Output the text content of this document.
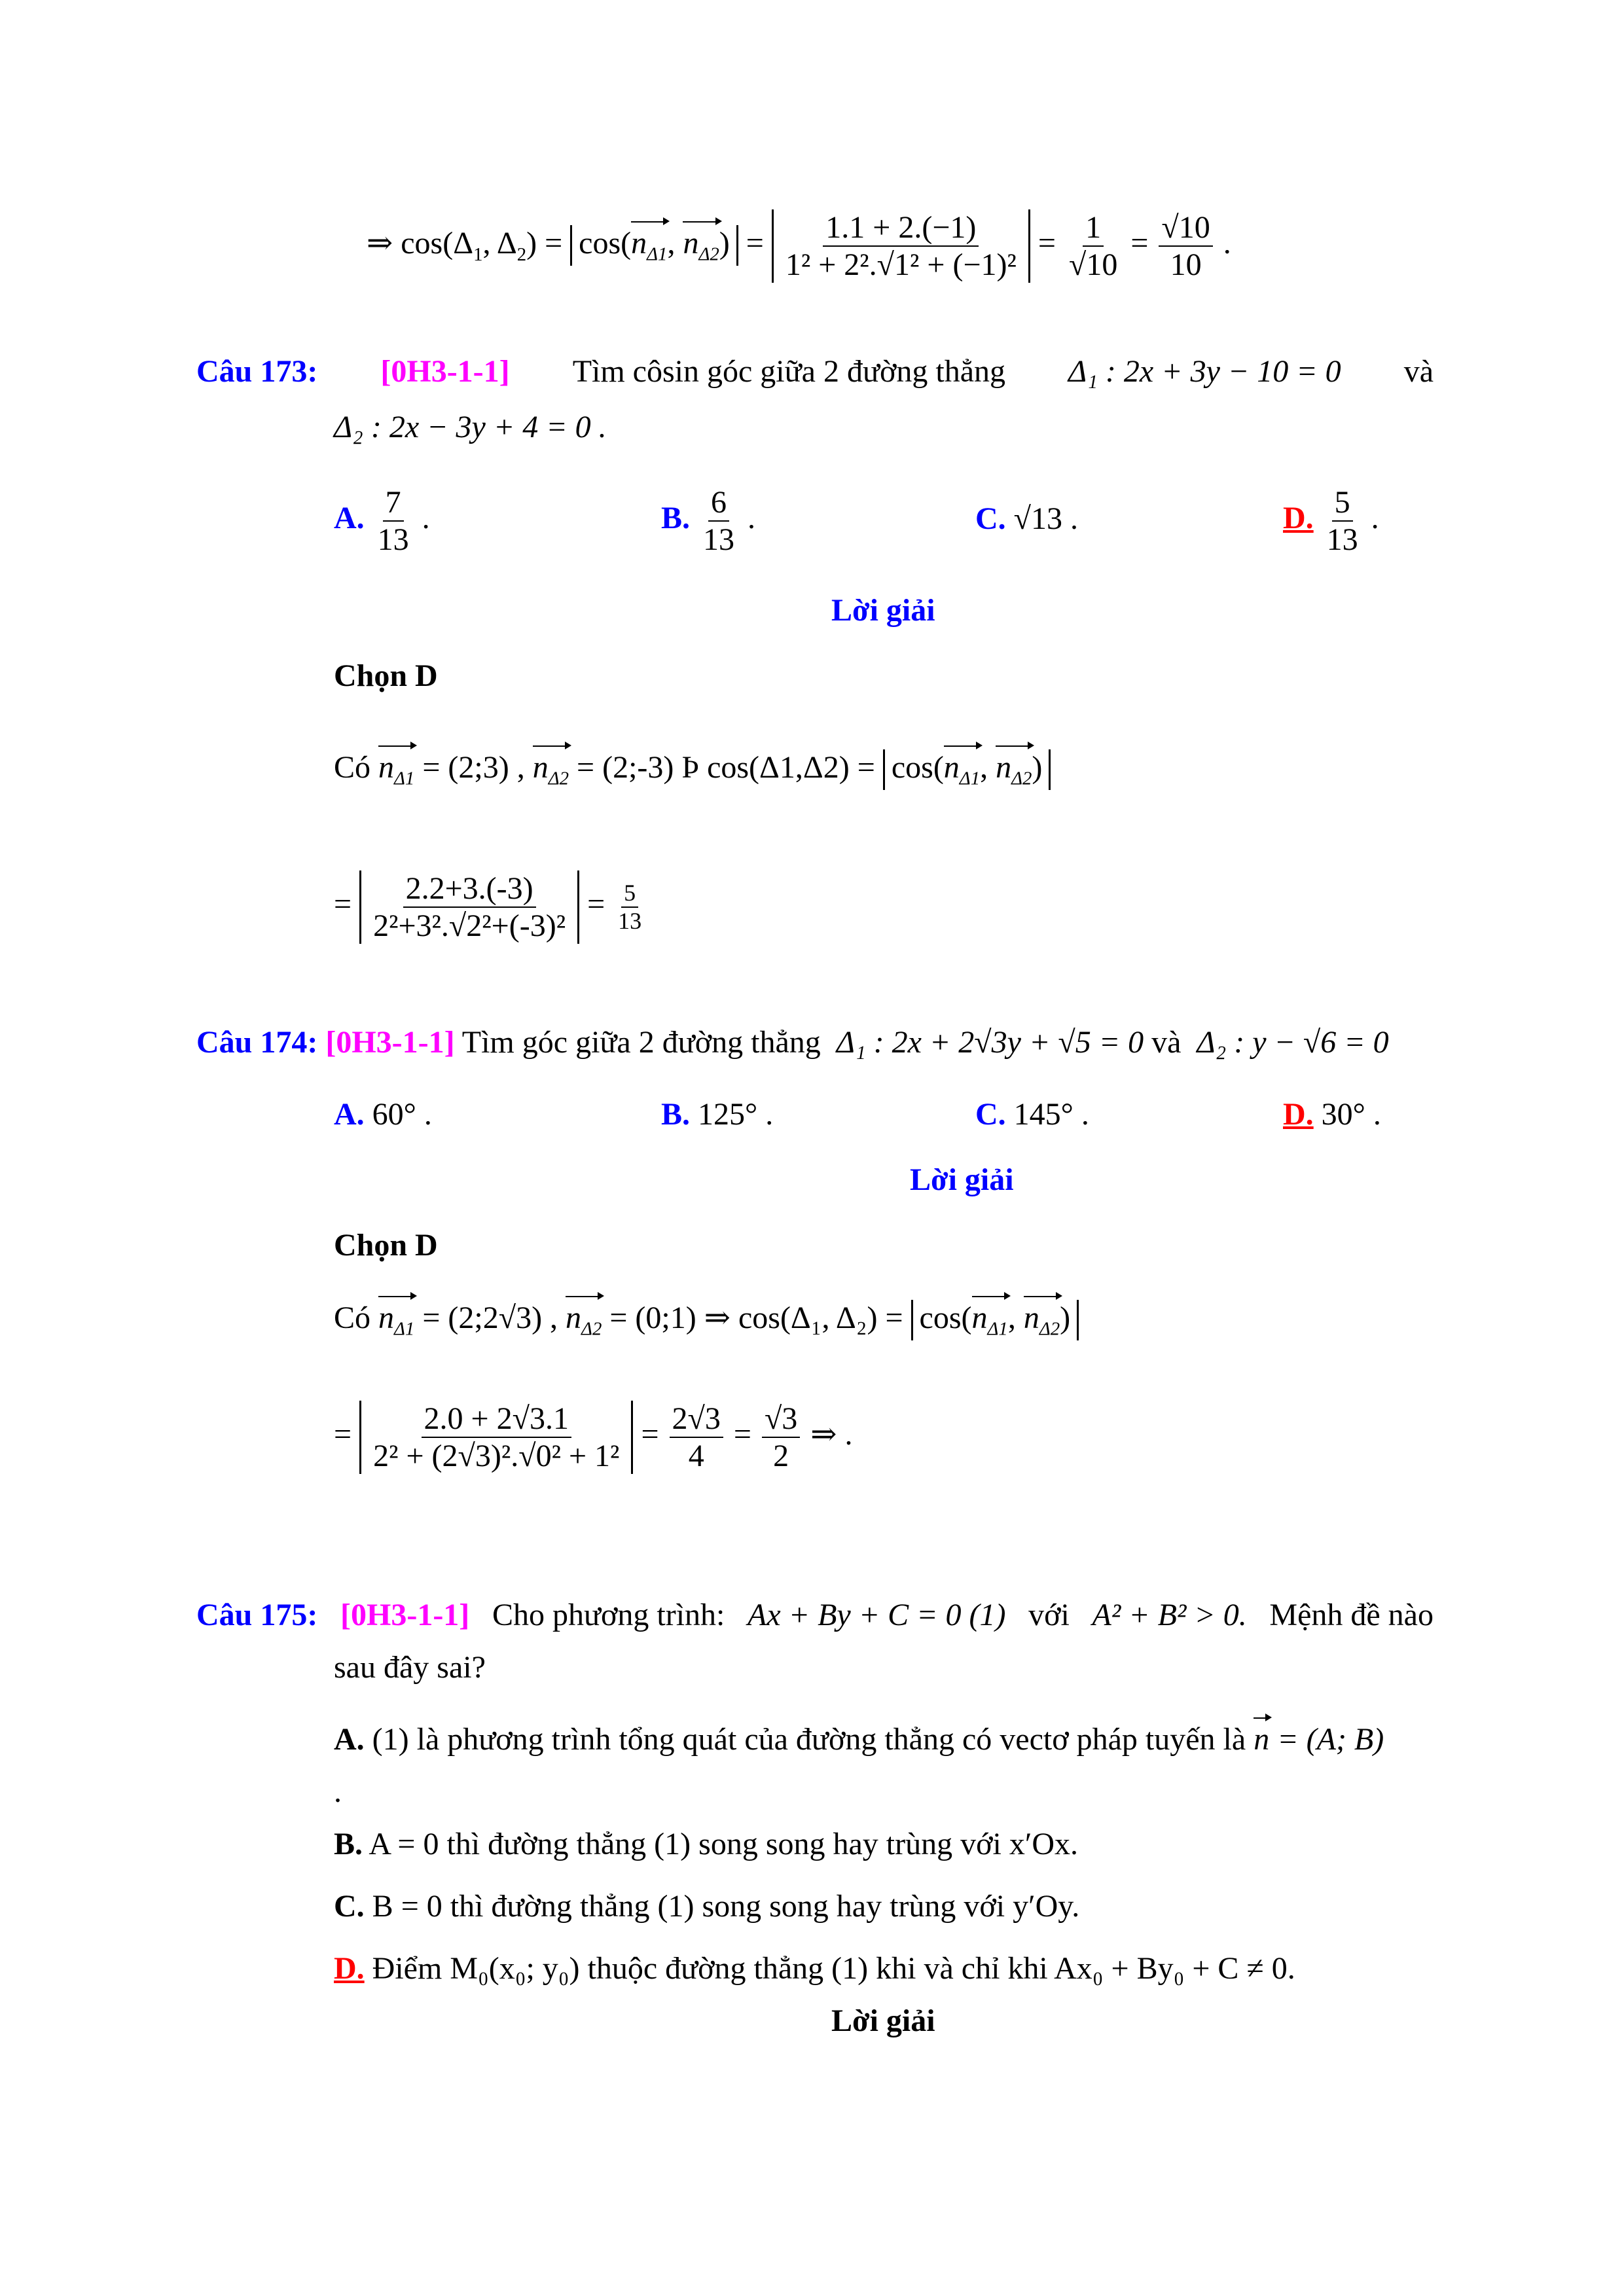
⇒ $\cos(\Delta_1$, $\Delta_2) = \cos(n_{\Delta 1}$, $n_{\Delta 2}) = \frac{1.1 + 2.(-1)}{\text{1² + 2².√1² + (−1)²}} = \frac{1}{√10} = \frac{√10}{10}$ .
Câu 173: [0H3-1-1] Tìm côsin góc giữa 2 đường thẳng Δ₁ : 2x + 3y − 10 = 0 và
Δ₂ : 2x − 3y + 4 = 0 .
A. $\frac{7}{13}$ .	B. $\frac{6}{13}$ .	C. √13 .	D. $\frac{5}{13}$ .
Lời giải
Chọn D
Có $n_{\Delta 1}$ = (2;3) , $n_{\Delta 2}$ = (2;-3) Þ $\cos(\Delta 1,\Delta 2) = \cos(n_{\Delta 1}$, $n_{\Delta 2}$)
= $\frac{2.2+3.(-3)}{\text{2²+3².√2²+(-3)²}} = \frac{5}{13}$
Câu 174: [0H3-1-1] Tìm góc giữa 2 đường thẳng Δ₁ : 2x + 2√3y + √5 = 0 và Δ₂ : y − √6 = 0
A. 60° .	B. 125° .	C. 145° .	D. 30° .
Lời giải
Chọn D
Có $n_{\Delta 1}$ = (2;2√3) , $n_{\Delta 2}$ = (0;1) ⇒ cos(Δ₁, $\Delta_2) = \cos(n_{\Delta 1}$, $n_{\Delta 2}$)
= $\frac{2.0 + 2√3.1}{\text{2² + (2√3)².√0² + 1²}} = \frac{2√3}{4} = \frac{√3}{2}$ ⇒ .
Câu 175: [0H3-1-1] Cho phương trình: Ax + By + C = 0 (1) với A² + B² > 0. Mệnh đề nào
sau đây sai?
A. (1) là phương trình tổng quát của đường thẳng có vectơ pháp tuyến là n = (A; B)
.
B. A = 0 thì đường thẳng (1) song song hay trùng với x′Ox.
C. B = 0 thì đường thẳng (1) song song hay trùng với y′Oy.
D. Điểm M₀(x₀; y₀) thuộc đường thẳng (1) khi và chỉ khi Ax₀ + By₀ + C ≠ 0.
Lời giải
